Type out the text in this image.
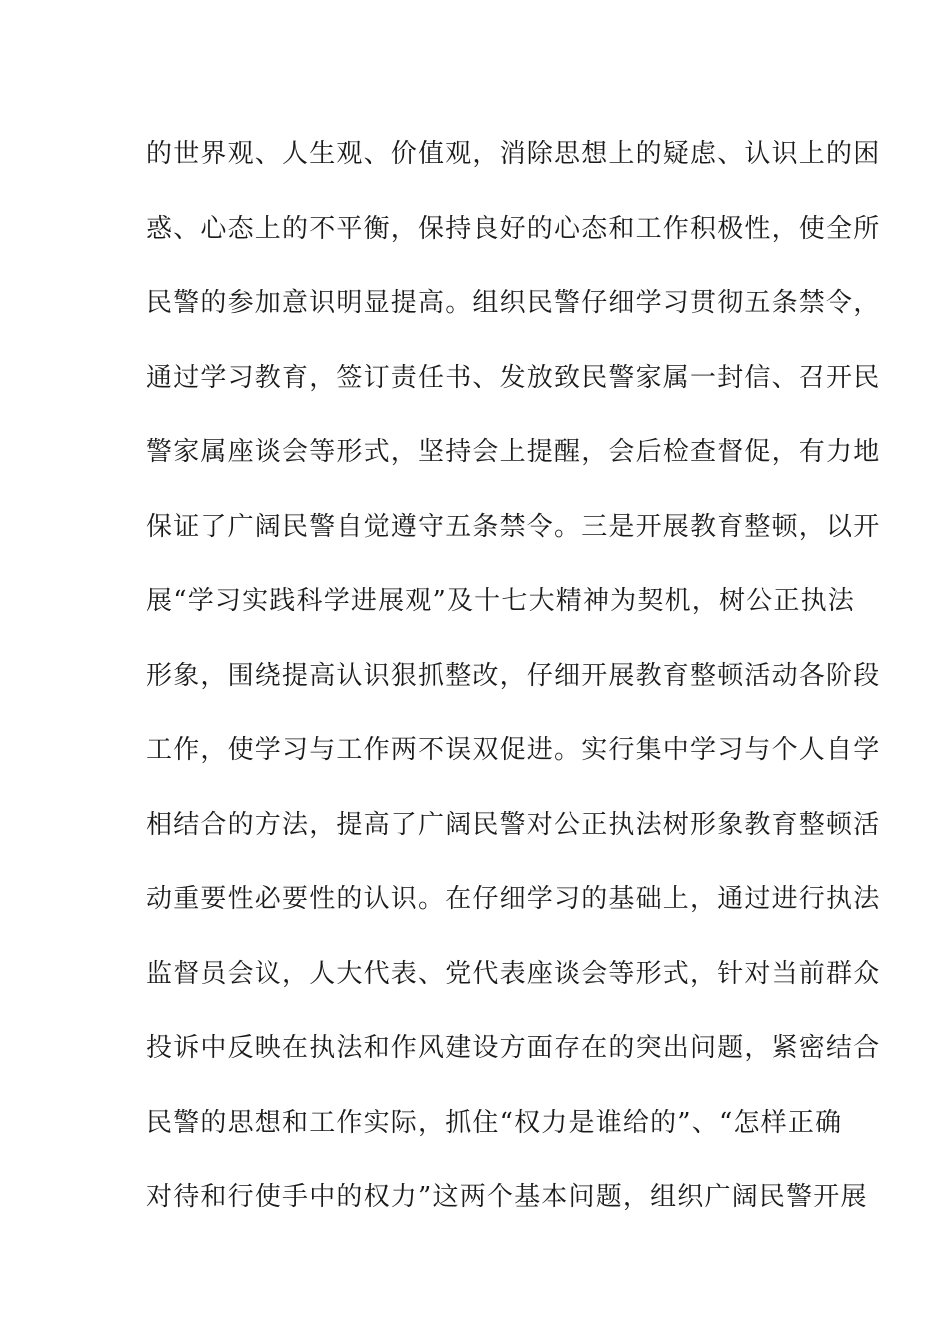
的世界观、人生观、价值观，消除思想上的疑虑、认识上的困
惑、心态上的不平衡，保持良好的心态和工作积极性，使全所
民警的参加意识明显提高。组织民警仔细学习贯彻五条禁令，
通过学习教育，签订责任书、发放致民警家属一封信、召开民
警家属座谈会等形式，坚持会上提醒，会后检查督促，有力地
保证了广阔民警自觉遵守五条禁令。三是开展教育整顿，以开
展“学习实践科学进展观”及十七大精神为契机，树公正执法
形象，围绕提高认识狠抓整改，仔细开展教育整顿活动各阶段
工作，使学习与工作两不误双促进。实行集中学习与个人自学
相结合的方法，提高了广阔民警对公正执法树形象教育整顿活
动重要性必要性的认识。在仔细学习的基础上，通过进行执法
监督员会议，人大代表、党代表座谈会等形式，针对当前群众
投诉中反映在执法和作风建设方面存在的突出问题，紧密结合
民警的思想和工作实际，抓住“权力是谁给的”、“怎样正确
对待和行使手中的权力”这两个基本问题，组织广阔民警开展
